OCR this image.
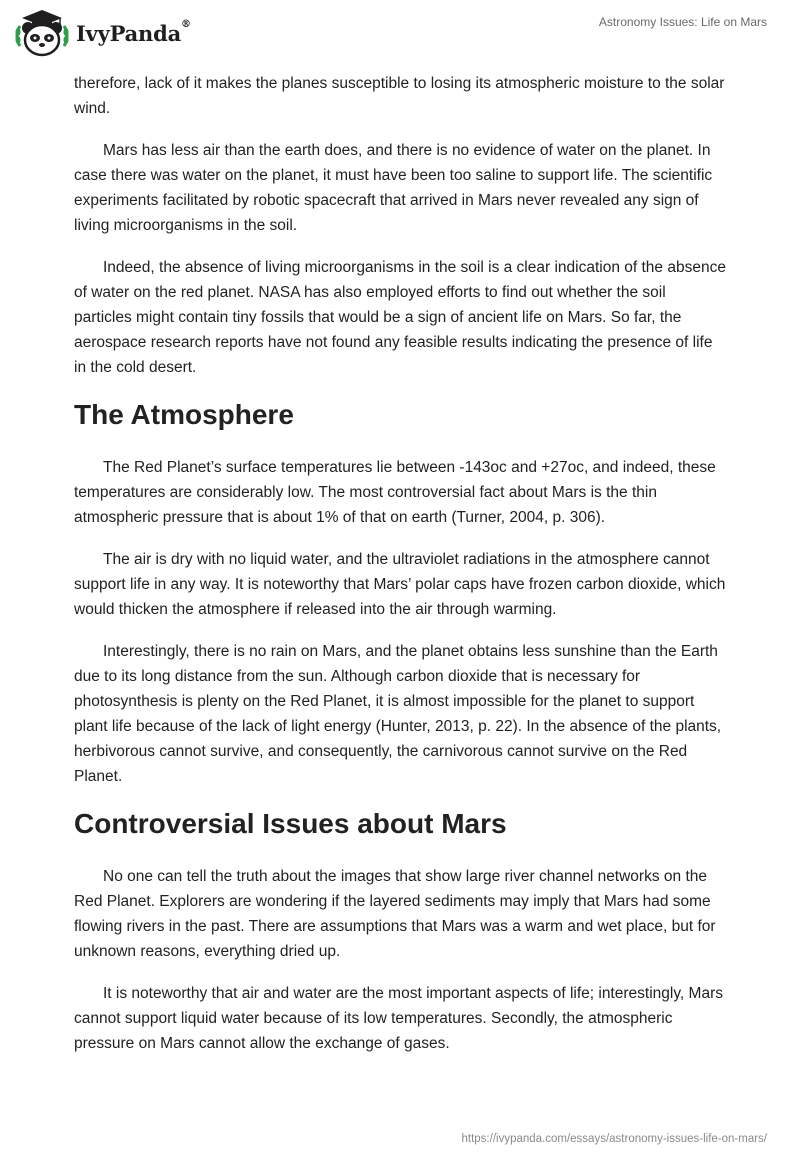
IvyPanda®	Astronomy Issues: Life on Mars

therefore, lack of it makes the planes susceptible to losing its atmospheric moisture to the solar wind.

Mars has less air than the earth does, and there is no evidence of water on the planet. In case there was water on the planet, it must have been too saline to support life. The scientific experiments facilitated by robotic spacecraft that arrived in Mars never revealed any sign of living microorganisms in the soil.

Indeed, the absence of living microorganisms in the soil is a clear indication of the absence of water on the red planet. NASA has also employed efforts to find out whether the soil particles might contain tiny fossils that would be a sign of ancient life on Mars. So far, the aerospace research reports have not found any feasible results indicating the presence of life in the cold desert.

The Atmosphere

The Red Planet’s surface temperatures lie between -143oc and +27oc, and indeed, these temperatures are considerably low. The most controversial fact about Mars is the thin atmospheric pressure that is about 1% of that on earth (Turner, 2004, p. 306).

The air is dry with no liquid water, and the ultraviolet radiations in the atmosphere cannot support life in any way. It is noteworthy that Mars’ polar caps have frozen carbon dioxide, which would thicken the atmosphere if released into the air through warming.

Interestingly, there is no rain on Mars, and the planet obtains less sunshine than the Earth due to its long distance from the sun. Although carbon dioxide that is necessary for photosynthesis is plenty on the Red Planet, it is almost impossible for the planet to support plant life because of the lack of light energy (Hunter, 2013, p. 22). In the absence of the plants, herbivorous cannot survive, and consequently, the carnivorous cannot survive on the Red Planet.

Controversial Issues about Mars

No one can tell the truth about the images that show large river channel networks on the Red Planet. Explorers are wondering if the layered sediments may imply that Mars had some flowing rivers in the past. There are assumptions that Mars was a warm and wet place, but for unknown reasons, everything dried up.

It is noteworthy that air and water are the most important aspects of life; interestingly, Mars cannot support liquid water because of its low temperatures. Secondly, the atmospheric pressure on Mars cannot allow the exchange of gases.

https://ivypanda.com/essays/astronomy-issues-life-on-mars/
